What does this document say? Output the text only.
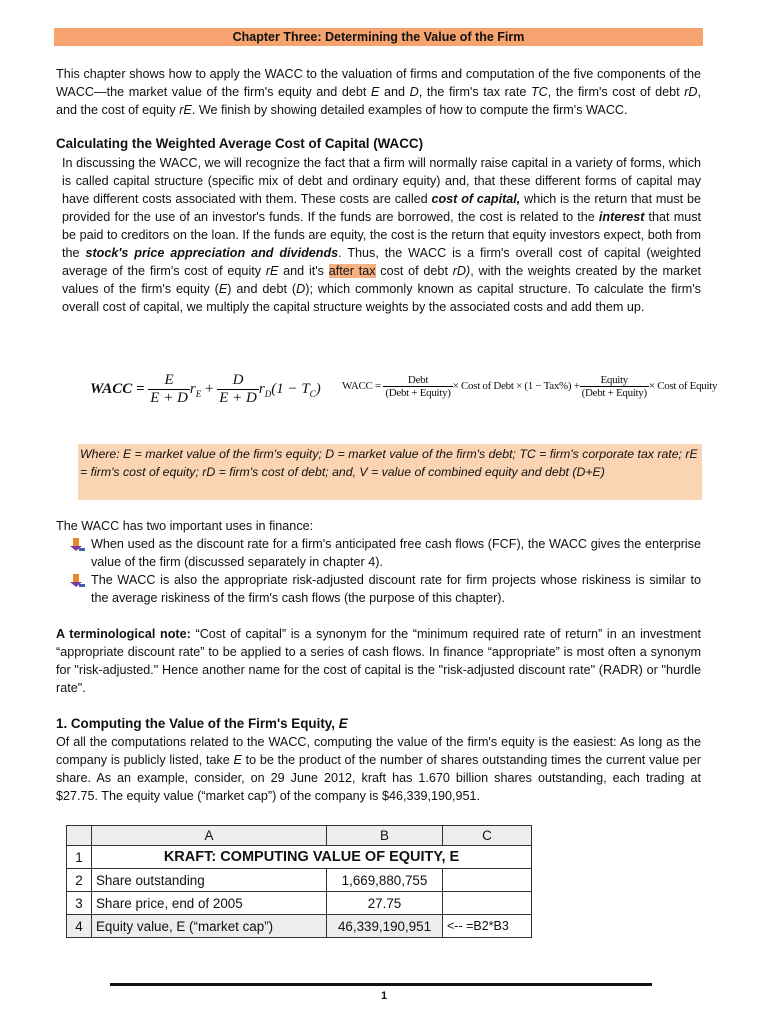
Chapter Three: Determining the Value of the Firm
This chapter shows how to apply the WACC to the valuation of firms and computation of the five components of the WACC—the market value of the firm's equity and debt E and D, the firm's tax rate TC, the firm's cost of debt rD, and the cost of equity rE. We finish by showing detailed examples of how to compute the firm's WACC.
Calculating the Weighted Average Cost of Capital (WACC)
In discussing the WACC, we will recognize the fact that a firm will normally raise capital in a variety of forms, which is called capital structure (specific mix of debt and ordinary equity) and, that these different forms of capital may have different costs associated with them. These costs are called cost of capital, which is the return that must be provided for the use of an investor's funds. If the funds are borrowed, the cost is related to the interest that must be paid to creditors on the loan. If the funds are equity, the cost is the return that equity investors expect, both from the stock's price appreciation and dividends. Thus, the WACC is a firm's overall cost of capital (weighted average of the firm's cost of equity rE and it's after tax cost of debt rD), with the weights created by the market values of the firm's equity (E) and debt (D); which commonly known as capital structure. To calculate the firm's overall cost of capital, we multiply the capital structure weights by the associated costs and add them up.
WACC = $\frac{E}{E + D} r_E + \frac{D}{E + D} r_D(1 - T_C)$ WACC = $\frac{\text{Debt}}{\text{(Debt + Equity)}}$ × Cost of Debt × $(1 - Tax\%) + \frac{\text{Equity}}{\text{(Debt + Equity)}}$ × Cost of Equity
Where: E = market value of the firm's equity; D = market value of the firm's debt; TC = firm's corporate tax rate; rE = firm's cost of equity; rD = firm's cost of debt; and, V = value of combined equity and debt (D+E)
The WACC has two important uses in finance:
When used as the discount rate for a firm's anticipated free cash flows (FCF), the WACC gives the enterprise value of the firm (discussed separately in chapter 4).
The WACC is also the appropriate risk-adjusted discount rate for firm projects whose riskiness is similar to the average riskiness of the firm's cash flows (the purpose of this chapter).
A terminological note: “Cost of capital” is a synonym for the “minimum required rate of return” in an investment “appropriate discount rate” to be applied to a series of cash flows. In finance “appropriate” is most often a synonym for "risk-adjusted." Hence another name for the cost of capital is the "risk-adjusted discount rate" (RADR) or "hurdle rate".
1. Computing the Value of the Firm's Equity, E
Of all the computations related to the WACC, computing the value of the firm's equity is the easiest: As long as the company is publicly listed, take E to be the product of the number of shares outstanding times the current value per share. As an example, consider, on 29 June 2012, kraft has 1.670 billion shares outstanding, each trading at $27.75. The equity value (“market cap”) of the company is $46,339,190,951.
	A	B	C
1	KRAFT: COMPUTING VALUE OF EQUITY, E		
2	Share outstanding	1,669,880,755	
3	Share price, end of 2005	27.75	
4	Equity value, E (“market cap”)	46,339,190,951	<-- =B2*B3
1
